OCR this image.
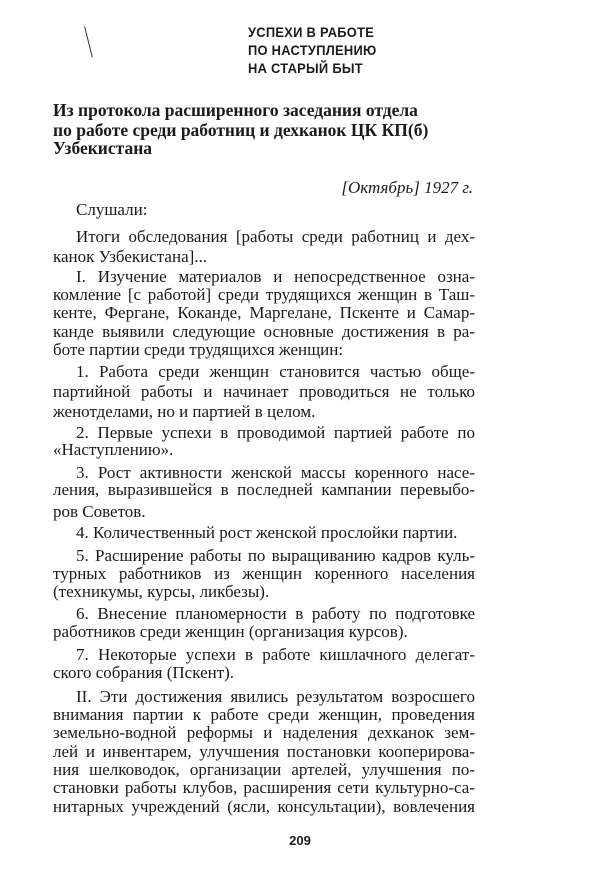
УСПЕХИ В РАБОТЕ
ПО НАСТУПЛЕНИЮ
НА СТАРЫЙ БЫТ
Из протокола расширенного заседания отдела
по работе среди работниц и дехканок ЦК КП(б)
Узбекистана
[Октябрь] 1927 г.
Слушали:
Итоги обследования [работы среди работниц и дех-
канок Узбекистана]...
I. Изучение материалов и непосредственное озна-
комление [с работой] среди трудящихся женщин в Таш-
кенте, Фергане, Коканде, Маргелане, Пскенте и Самар-
канде выявили следующие основные достижения в ра-
боте партии среди трудящихся женщин:
1. Работа среди женщин становится частью обще-
партийной работы и начинает проводиться не только
женотделами, но и партией в целом.
2. Первые успехи в проводимой партией работе по
«Наступлению».
3. Рост активности женской массы коренного насе-
ления, выразившейся в последней кампании перевыбо-
ров Советов.
4. Количественный рост женской прослойки партии.
5. Расширение работы по выращиванию кадров куль-
турных работников из женщин коренного населения
(техникумы, курсы, ликбезы).
6. Внесение планомерности в работу по подготовке
работников среди женщин (организация курсов).
7. Некоторые успехи в работе кишлачного делегат-
ского собрания (Пскент).
II. Эти достижения явились результатом возросшего
внимания партии к работе среди женщин, проведения
земельно-водной реформы и наделения дехканок зем-
лей и инвентарем, улучшения постановки кооперирова-
ния шелководок, организации артелей, улучшения по-
становки работы клубов, расширения сети культурно-са-
нитарных учреждений (ясли, консультации), вовлечения
209
